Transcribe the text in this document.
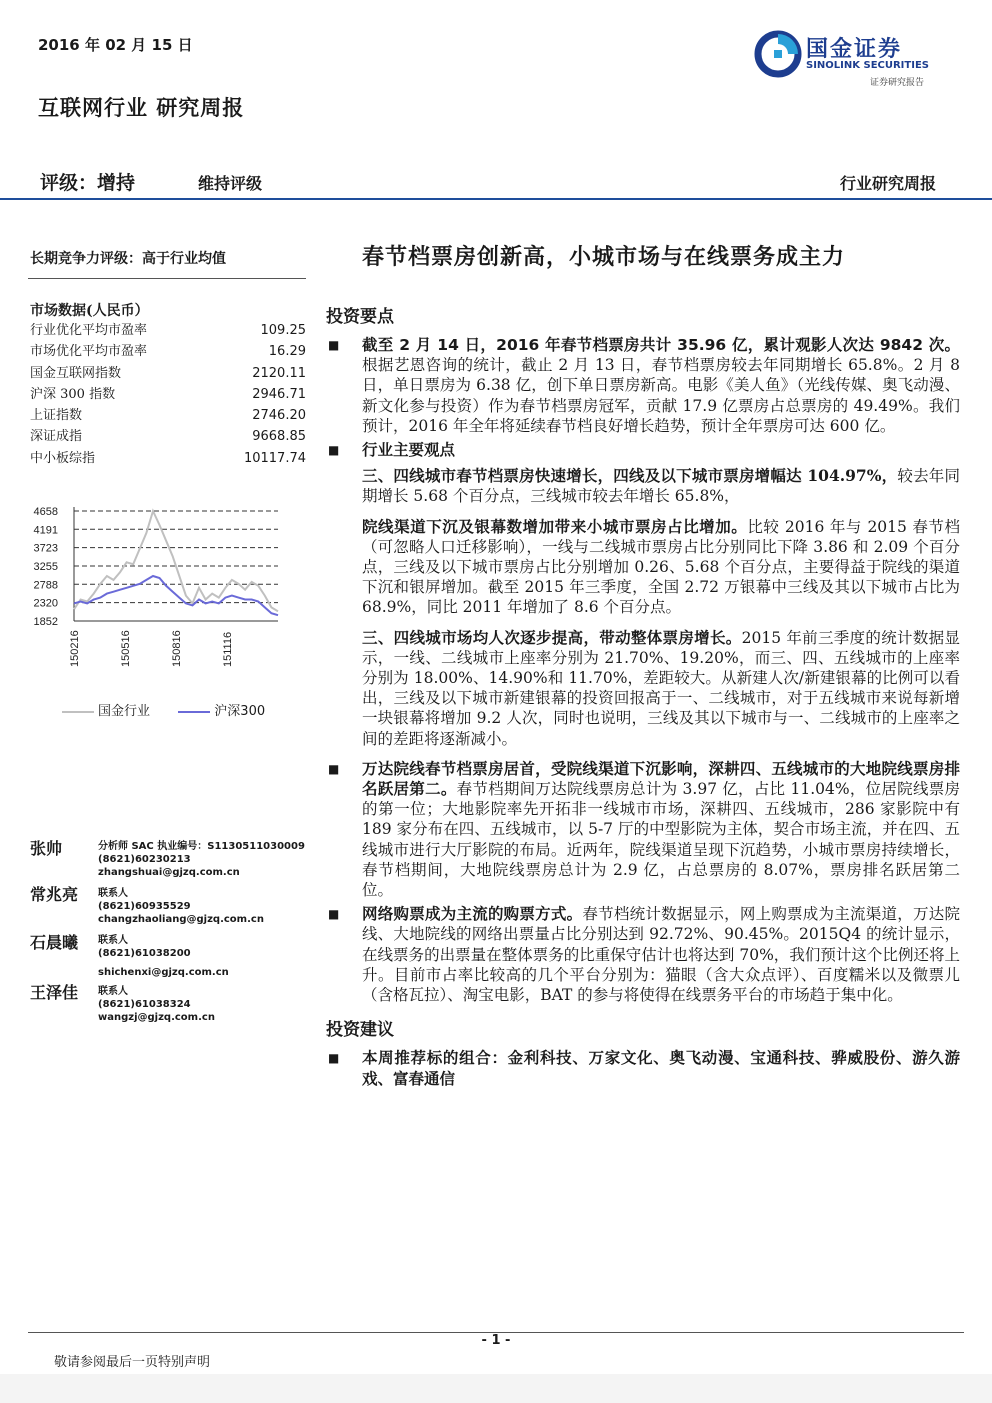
2016 年 02 月 15 日
互联网行业 研究周报
国金证券
SINOLINK SECURITIES
证券研究报告
评级：增持	维持评级	行业研究周报
长期竞争力评级：高于行业均值
市场数据(人民币）
行业优化平均市盈率	109.25
市场优化平均市盈率	16.29
国金互联网指数	2120.11
沪深 300 指数	2946.71
上证指数	2746.20
深证成指	9668.85
中小板综指	10117.74
4658
4191
3723
3255
2788
2320
1852
150216	150516	150816	151116
国金行业	沪深300
张帅	分析师 SAC 执业编号：S1130511030009
(8621)60230213
zhangshuai@gjzq.com.cn
常兆亮 联系人
(8621)60935529
changzhaoliang@gjzq.com.cn
石晨曦 联系人
(8621)61038200
shichenxi@gjzq.com.cn
王泽佳 联系人
(8621)61038324
wangzj@gjzq.com.cn
春节档票房创新高，小城市场与在线票务成主力
投资要点
■	截至 2 月 14 日，2016 年春节档票房共计 35.96 亿，累计观影人次达 9842 次。根据艺恩咨询的统计，截止 2 月 13 日，春节档票房较去年同期增长 65.8%。2 月 8 日，单日票房为 6.38 亿，创下单日票房新高。电影《美人鱼》（光线传媒、奥飞动漫、新文化参与投资）作为春节档票房冠军，贡献 17.9 亿票房占总票房的 49.49%。我们预计，2016 年全年将延续春节档良好增长趋势，预计全年票房可达 600 亿。
■	行业主要观点
三、四线城市春节档票房快速增长，四线及以下城市票房增幅达 104.97%，较去年同期增长 5.68 个百分点，三线城市较去年增长 65.8%，
院线渠道下沉及银幕数增加带来小城市票房占比增加。比较 2016 年与 2015 春节档（可忽略人口迁移影响），一线与二线城市票房占比分别同比下降 3.86 和 2.09 个百分点，三线及以下城市票房占比分别增加 0.26、5.68 个百分点，主要得益于院线的渠道下沉和银屏增加。截至 2015 年三季度，全国 2.72 万银幕中三线及其以下城市占比为 68.9%，同比 2011 年增加了 8.6 个百分点。
三、四线城市场均人次逐步提高，带动整体票房增长。2015 年前三季度的统计数据显示，一线、二线城市上座率分别为 21.70%、19.20%，而三、四、五线城市的上座率分别为 18.00%、14.90%和 11.70%，差距较大。从新建人次/新建银幕的比例可以看出，三线及以下城市新建银幕的投资回报高于一、二线城市，对于五线城市来说每新增一块银幕将增加 9.2 人次，同时也说明，三线及其以下城市与一、二线城市的上座率之间的差距将逐渐减小。
■	万达院线春节档票房居首，受院线渠道下沉影响，深耕四、五线城市的大地院线票房排名跃居第二。春节档期间万达院线票房总计为 3.97 亿，占比 11.04%，位居院线票房的第一位；大地影院率先开拓非一线城市市场，深耕四、五线城市，286 家影院中有 189 家分布在四、五线城市，以 5-7 厅的中型影院为主体，契合市场主流，并在四、五线城市进行大厅影院的布局。近两年，院线渠道呈现下沉趋势，小城市票房持续增长，春节档期间，大地院线票房总计为 2.9 亿，占总票房的 8.07%，票房排名跃居第二位。
■	网络购票成为主流的购票方式。春节档统计数据显示，网上购票成为主流渠道，万达院线、大地院线的网络出票量占比分别达到 92.72%、90.45%。2015Q4 的统计显示，在线票务的出票量在整体票务的比重保守估计也将达到 70%，我们预计这个比例还将上升。目前市占率比较高的几个平台分别为：猫眼（含大众点评）、百度糯米以及微票儿（含格瓦拉）、淘宝电影，BAT 的参与将使得在线票务平台的市场趋于集中化。
投资建议
■	本周推荐标的组合：金利科技、万家文化、奥飞动漫、宝通科技、骅威股份、游久游戏、富春通信
- 1 -
敬请参阅最后一页特别声明
